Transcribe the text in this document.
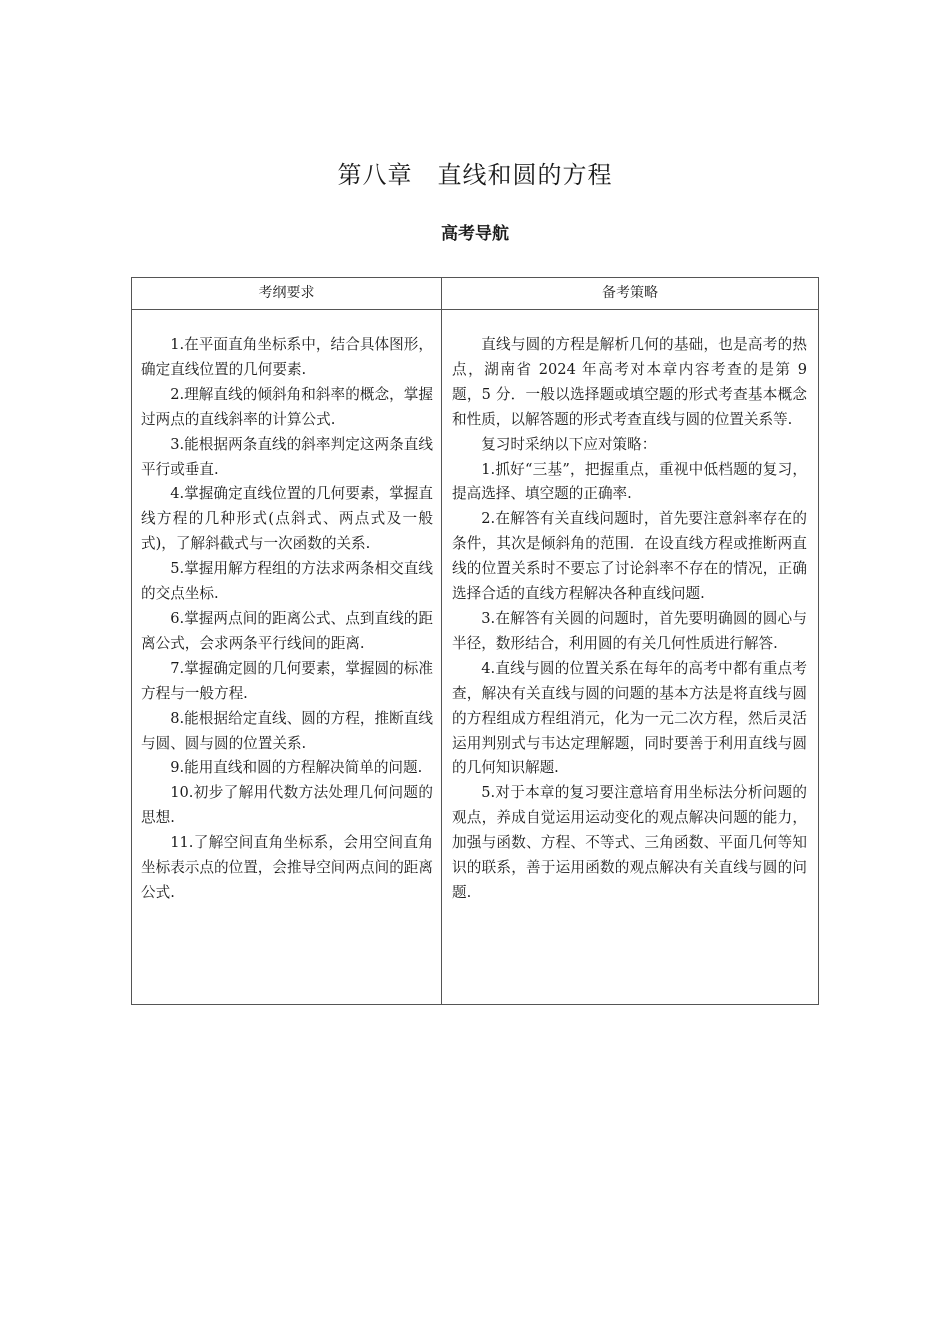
第八章　直线和圆的方程
高考导航
考纲要求	备考策略

1.在平面直角坐标系中，结合具体图形，确定直线位置的几何要素.

2.理解直线的倾斜角和斜率的概念，掌握过两点的直线斜率的计算公式.

3.能根据两条直线的斜率判定这两条直线平行或垂直.

4.掌握确定直线位置的几何要素，掌握直线方程的几种形式(点斜式、两点式及一般式)，了解斜截式与一次函数的关系.

5.掌握用解方程组的方法求两条相交直线的交点坐标.

6.掌握两点间的距离公式、点到直线的距离公式，会求两条平行线间的距离.

7.掌握确定圆的几何要素，掌握圆的标准方程与一般方程.

8.能根据给定直线、圆的方程，推断直线与圆、圆与圆的位置关系.

9.能用直线和圆的方程解决简单的问题.

10.初步了解用代数方法处理几何问题的思想.

11.了解空间直角坐标系，会用空间直角坐标表示点的位置，会推导空间两点间的距离公式.

直线与圆的方程是解析几何的基础，也是高考的热点，湖南省 2024 年高考对本章内容考查的是第 9 题，5 分．一般以选择题或填空题的形式考查基本概念和性质，以解答题的形式考查直线与圆的位置关系等.

复习时采纳以下应对策略：

1.抓好“三基”，把握重点，重视中低档题的复习，提高选择、填空题的正确率.

2.在解答有关直线问题时，首先要注意斜率存在的条件，其次是倾斜角的范围．在设直线方程或推断两直线的位置关系时不要忘了讨论斜率不存在的情况，正确选择合适的直线方程解决各种直线问题.

3.在解答有关圆的问题时，首先要明确圆的圆心与半径，数形结合，利用圆的有关几何性质进行解答.

4.直线与圆的位置关系在每年的高考中都有重点考查，解决有关直线与圆的问题的基本方法是将直线与圆的方程组成方程组消元，化为一元二次方程，然后灵活运用判别式与韦达定理解题，同时要善于利用直线与圆的几何知识解题.

5.对于本章的复习要注意培育用坐标法分析问题的观点，养成自觉运用运动变化的观点解决问题的能力，加强与函数、方程、不等式、三角函数、平面几何等知识的联系，善于运用函数的观点解决有关直线与圆的问题.
